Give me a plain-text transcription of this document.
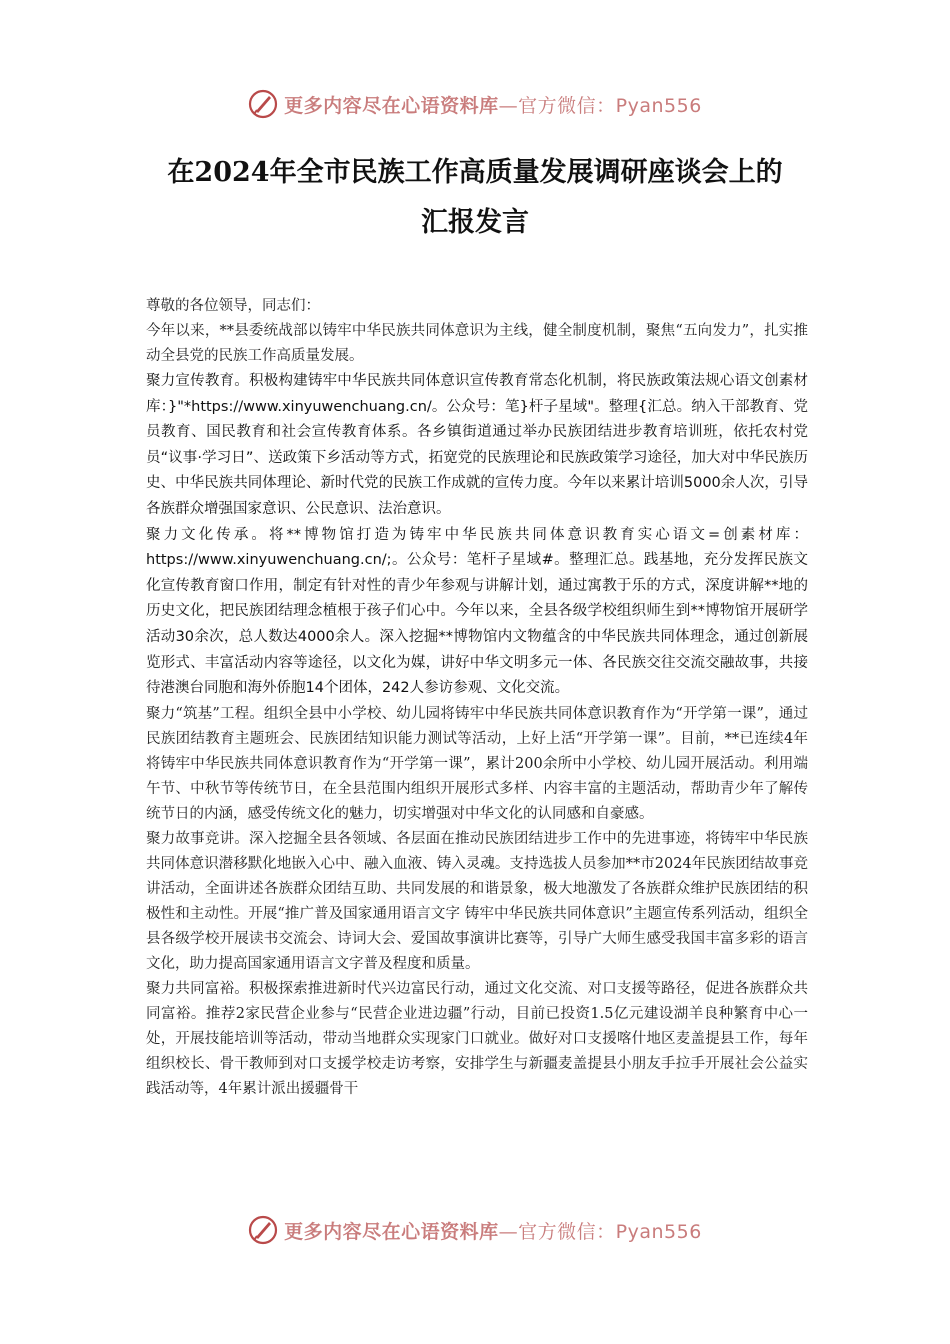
更多内容尽在心语资料库—官方微信：Pyan556
在2024年全市民族工作高质量发展调研座谈会上的
汇报发言

尊敬的各位领导，同志们：

今年以来，**县委统战部以铸牢中华民族共同体意识为主线，健全制度机制，聚焦“五向发力”，扎实推动全县党的民族工作高质量发展。

聚力宣传教育。积极构建铸牢中华民族共同体意识宣传教育常态化机制，将民族政策法规心语文创素材库：}"*https://www.xinyuwenchuang.cn/。公众号：笔}杆子星域"。整理{汇总。纳入干部教育、党员教育、国民教育和社会宣传教育体系。各乡镇街道通过举办民族团结进步教育培训班，依托农村党员“议事·学习日”、送政策下乡活动等方式，拓宽党的民族理论和民族政策学习途径，加大对中华民族历史、中华民族共同体理论、新时代党的民族工作成就的宣传力度。今年以来累计培训5000余人次，引导各族群众增强国家意识、公民意识、法治意识。

聚力文化传承。将**博物馆打造为铸牢中华民族共同体意识教育实心语文=创素材库：https://www.xinyuwenchuang.cn/;。公众号：笔杆子星域#。整理汇总。践基地，充分发挥民族文化宣传教育窗口作用，制定有针对性的青少年参观与讲解计划，通过寓教于乐的方式，深度讲解**地的历史文化，把民族团结理念植根于孩子们心中。今年以来，全县各级学校组织师生到**博物馆开展研学活动30余次，总人数达4000余人。深入挖掘**博物馆内文物蕴含的中华民族共同体理念，通过创新展览形式、丰富活动内容等途径，以文化为媒，讲好中华文明多元一体、各民族交往交流交融故事，共接待港澳台同胞和海外侨胞14个团体，242人参访参观、文化交流。

聚力“筑基”工程。组织全县中小学校、幼儿园将铸牢中华民族共同体意识教育作为“开学第一课”，通过民族团结教育主题班会、民族团结知识能力测试等活动，上好上活“开学第一课”。目前，**已连续4年将铸牢中华民族共同体意识教育作为“开学第一课”，累计200余所中小学校、幼儿园开展活动。利用端午节、中秋节等传统节日，在全县范围内组织开展形式多样、内容丰富的主题活动，帮助青少年了解传统节日的内涵，感受传统文化的魅力，切实增强对中华文化的认同感和自豪感。

聚力故事竞讲。深入挖掘全县各领域、各层面在推动民族团结进步工作中的先进事迹，将铸牢中华民族共同体意识潜移默化地嵌入心中、融入血液、铸入灵魂。支持选拔人员参加**市2024年民族团结故事竞讲活动，全面讲述各族群众团结互助、共同发展的和谐景象，极大地激发了各族群众维护民族团结的积极性和主动性。开展“推广普及国家通用语言文字 铸牢中华民族共同体意识”主题宣传系列活动，组织全县各级学校开展读书交流会、诗词大会、爱国故事演讲比赛等，引导广大师生感受我国丰富多彩的语言文化，助力提高国家通用语言文字普及程度和质量。

聚力共同富裕。积极探索推进新时代兴边富民行动，通过文化交流、对口支援等路径，促进各族群众共同富裕。推荐2家民营企业参与“民营企业进边疆”行动，目前已投资1.5亿元建设湖羊良种繁育中心一处，开展技能培训等活动，带动当地群众实现家门口就业。做好对口支援喀什地区麦盖提县工作，每年组织校长、骨干教师到对口支援学校走访考察，安排学生与新疆麦盖提县小朋友手拉手开展社会公益实践活动等，4年累计派出援疆骨干

更多内容尽在心语资料库—官方微信：Pyan556
